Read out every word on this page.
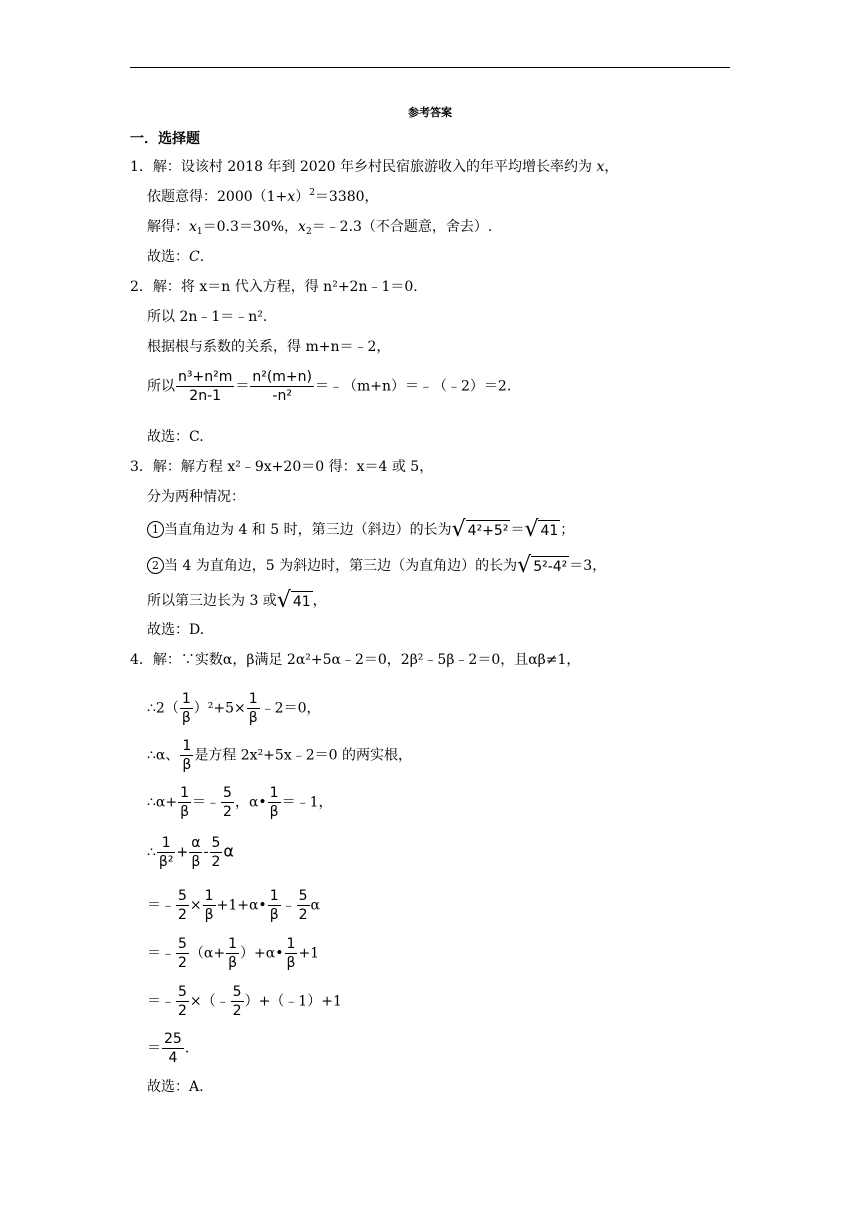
参考答案
一．选择题
1．解：设该村 2018 年到 2020 年乡村民宿旅游收入的年平均增长率约为 x，
依题意得：$2000(1+x)^2=3380$，
解得：$x_1=0.3=30\%$，$x_2=﹣2.3$（不合题意，舍去）.
故选：C.
2．解：将 x＝n 代入方程，得 n²+2n﹣1＝0.
所以 2n﹣1＝﹣n².
根据根与系数的关系，得 m+n＝﹣2，
所以 $\frac{\text{n³+n²m}}{2n-1} = \frac{\text{n²(m+n)}}{\text{-n²}}$ ＝﹣（m+n）＝﹣（﹣2）＝2.
故选：C.
3．解：解方程 x²﹣9x+20＝0 得：x＝4 或 5，
分为两种情况：
1 当直角边为 4 和 5 时，第三边（斜边）的长为√ 4²+5² ＝√ 41 ；
2 当 4 为直角边，5 为斜边时，第三边（为直角边）的长为√ 5²-4² ＝3，
所以第三边长为 3 或√ 41 ，
故选：D.
4．解：∵实数α，β满足 2α²+5α﹣2＝0，2β²﹣5β﹣2＝0，且αβ≠1，
∴2（ $\frac{1}{\beta} )^2+5\times \frac{1}{\beta}$ ﹣2＝0，
∴α、 $\frac{1}{\beta}$ 是方程 2x²+5x﹣2＝0 的两实根，
∴α+ $\frac{1}{\beta}$ ＝﹣ $\frac{5}{2}$ ，α• $\frac{1}{\beta}$ ＝﹣1，
∴ $\frac{1}{\text{β²}} + \frac{\alpha}{\beta} - \frac{5}{2}$ α
＝﹣ $\frac{5}{2} \times \frac{1}{\beta}$ +1+α• $\frac{1}{\beta}$ ﹣ $\frac{5}{2}$ α
＝﹣ $\frac{5}{2} (\alpha+ \frac{1}{\beta}$ ）+α• $\frac{1}{\beta} +1$
＝﹣ $\frac{5}{2}$ ×（﹣ $\frac{5}{2}$ ）+（﹣1）+1
＝ $\frac{25}{4}$ .
故选：A.
